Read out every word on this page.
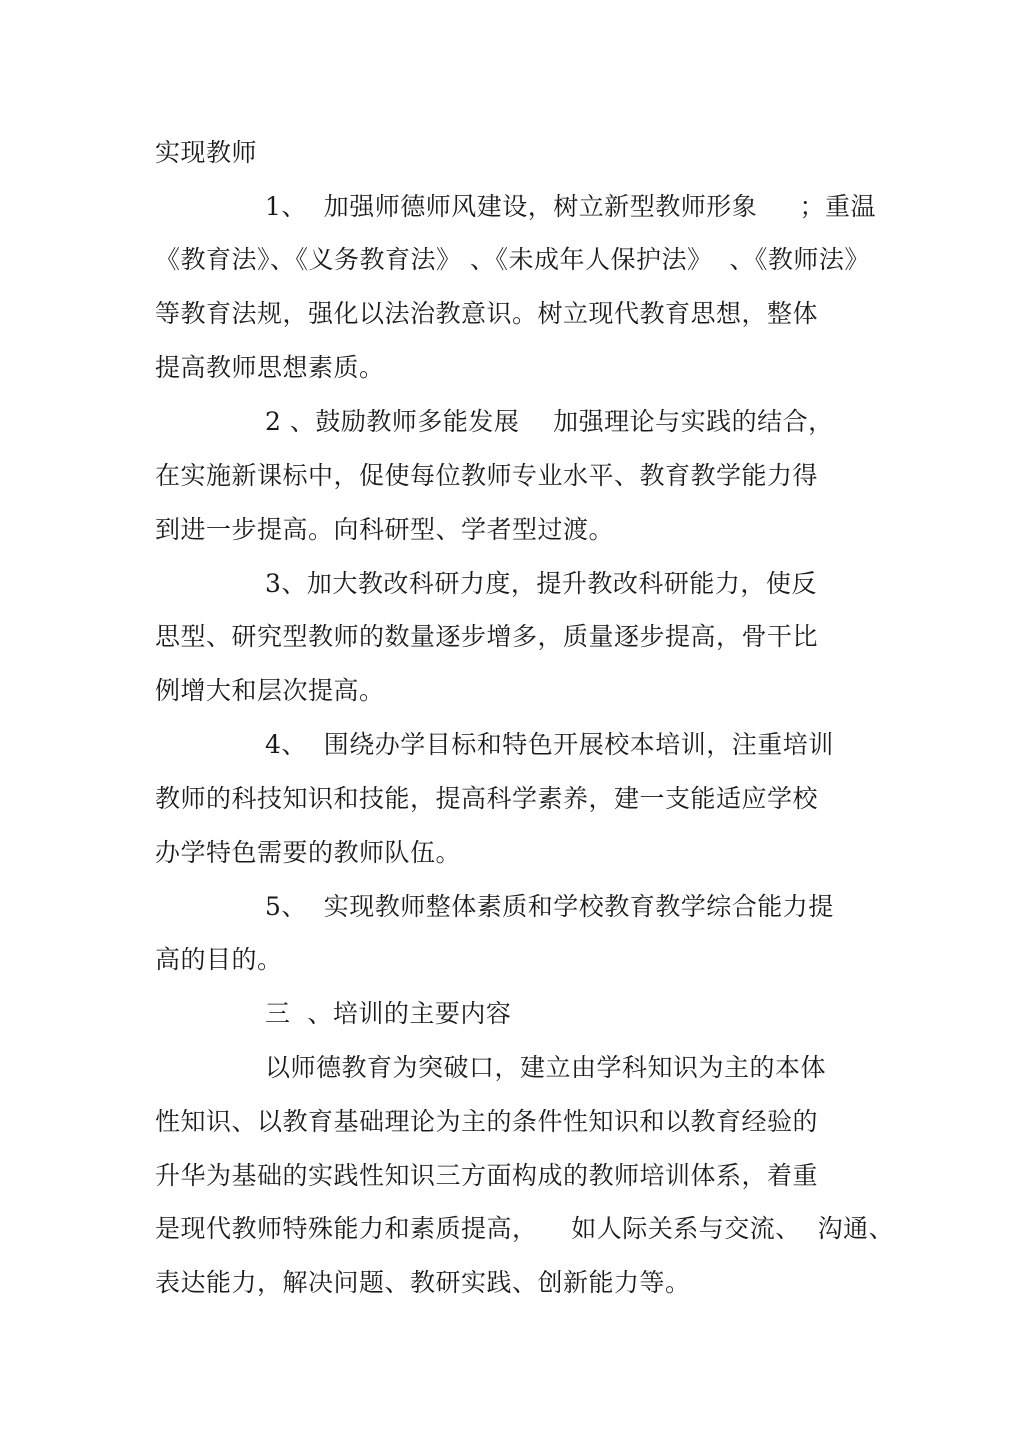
实现教师
1、  加强师德师风建设，树立新型教师形象     ；重温
《教育法》、《义务教育法》 、《未成年人保护法》  、《教师法》
等教育法规，强化以法治教意识。树立现代教育思想，整体
提高教师思想素质。
2 、鼓励教师多能发展    加强理论与实践的结合，
在实施新课标中，促使每位教师专业水平、教育教学能力得
到进一步提高。向科研型、学者型过渡。
3、加大教改科研力度，提升教改科研能力，使反
思型、研究型教师的数量逐步增多，质量逐步提高，骨干比
例增大和层次提高。
4、  围绕办学目标和特色开展校本培训，注重培训
教师的科技知识和技能，提高科学素养，建一支能适应学校
办学特色需要的教师队伍。
5、  实现教师整体素质和学校教育教学综合能力提
高的目的。
三  、培训的主要内容
以师德教育为突破口，建立由学科知识为主的本体
性知识、以教育基础理论为主的条件性知识和以教育经验的
升华为基础的实践性知识三方面构成的教师培训体系，着重
是现代教师特殊能力和素质提高，    如人际关系与交流、  沟通、
表达能力，解决问题、教研实践、创新能力等。
